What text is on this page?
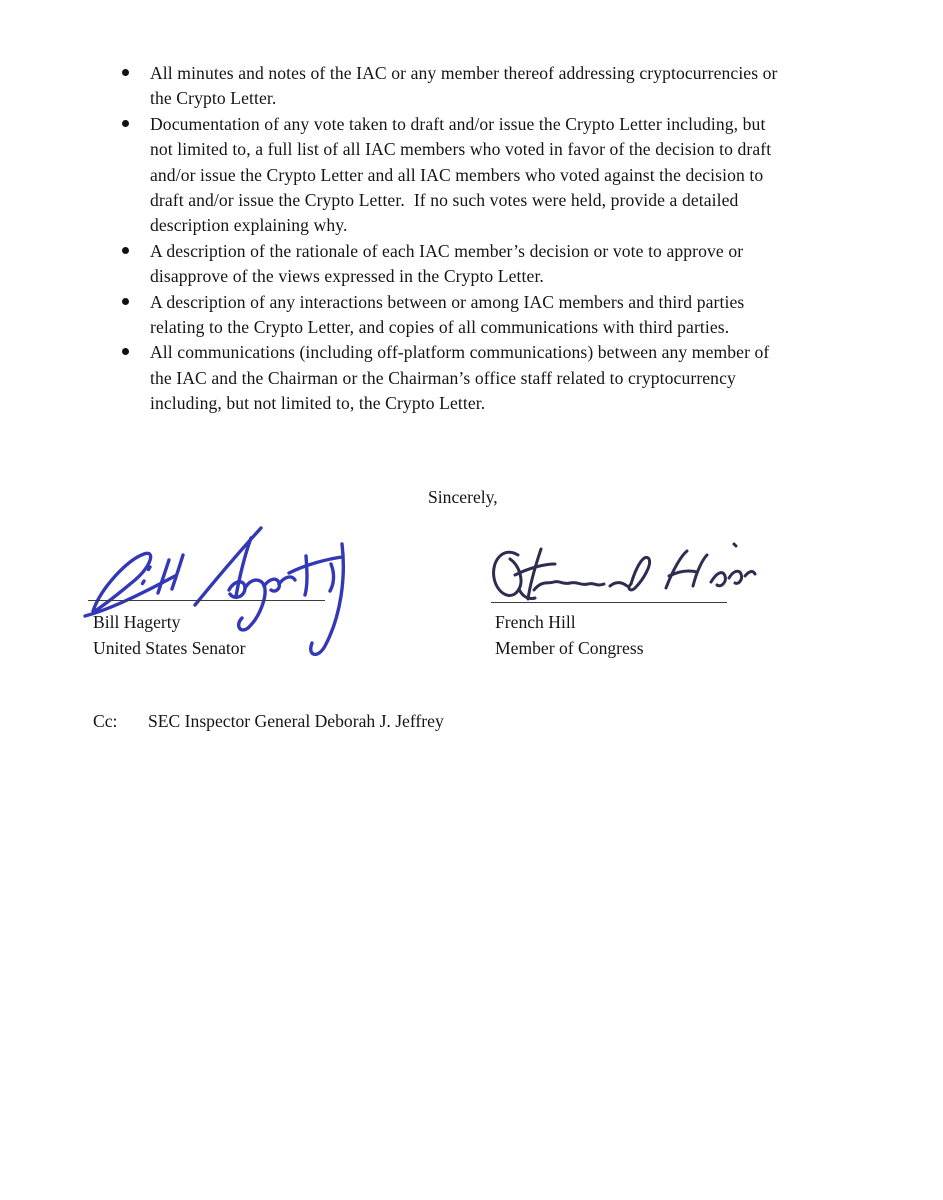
All minutes and notes of the IAC or any member thereof addressing cryptocurrencies or
the Crypto Letter.
Documentation of any vote taken to draft and/or issue the Crypto Letter including, but
not limited to, a full list of all IAC members who voted in favor of the decision to draft
and/or issue the Crypto Letter and all IAC members who voted against the decision to
draft and/or issue the Crypto Letter.  If no such votes were held, provide a detailed
description explaining why.
A description of the rationale of each IAC member’s decision or vote to approve or
disapprove of the views expressed in the Crypto Letter.
A description of any interactions between or among IAC members and third parties
relating to the Crypto Letter, and copies of all communications with third parties.
All communications (including off-platform communications) between any member of
the IAC and the Chairman or the Chairman’s office staff related to cryptocurrency
including, but not limited to, the Crypto Letter.
Sincerely,
Bill Hagerty
United States Senator
French Hill
Member of Congress
Cc: SEC Inspector General Deborah J. Jeffrey
